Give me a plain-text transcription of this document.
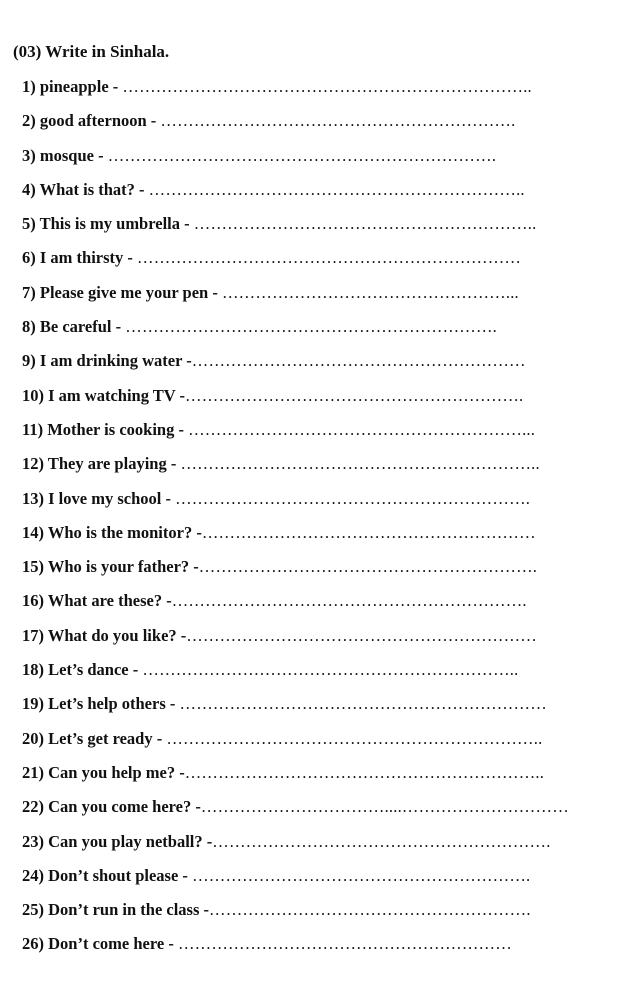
(03) Write in Sinhala.
1) pineapple - ………………………………………………………………..
2) good afternoon - ……………………………………………………….
3) mosque - …………………………………………………………….
4) What is that? - …………………………………………………………..
5) This is my umbrella - ……………………………………………………..
6) I am thirsty - ……………………………………………………………
7) Please give me your pen - ……………………………………………...
8) Be careful - ………………………………………………………….
9) I am drinking water -……………………………………………………
10) I am watching TV -…………………………………………………….
11) Mother is cooking - ……………………………………………………...
12) They are playing - ………………………………………………………..
13) I love my school - ……………………………………………………….
14) Who is the monitor? -……………………………………………………
15) Who is your father? -…………………………………………………….
16) What are these? -……………………………………………………….
17) What do you like? -………………………………………………………
18) Let’s dance - …………………………………………………………..
19) Let’s help others - …………………………………………………………
20) Let’s get ready - …………………………………………………………..
21) Can you help me? -………………………………………………………..
22) Can you come here? -……………………………....…………………………
23) Can you play netball? -…………………………………………………….
24) Don’t shout please - …………………………………………………….
25) Don’t run in the class -………………………………………………….
26) Don’t come here - ……………………………………………………
